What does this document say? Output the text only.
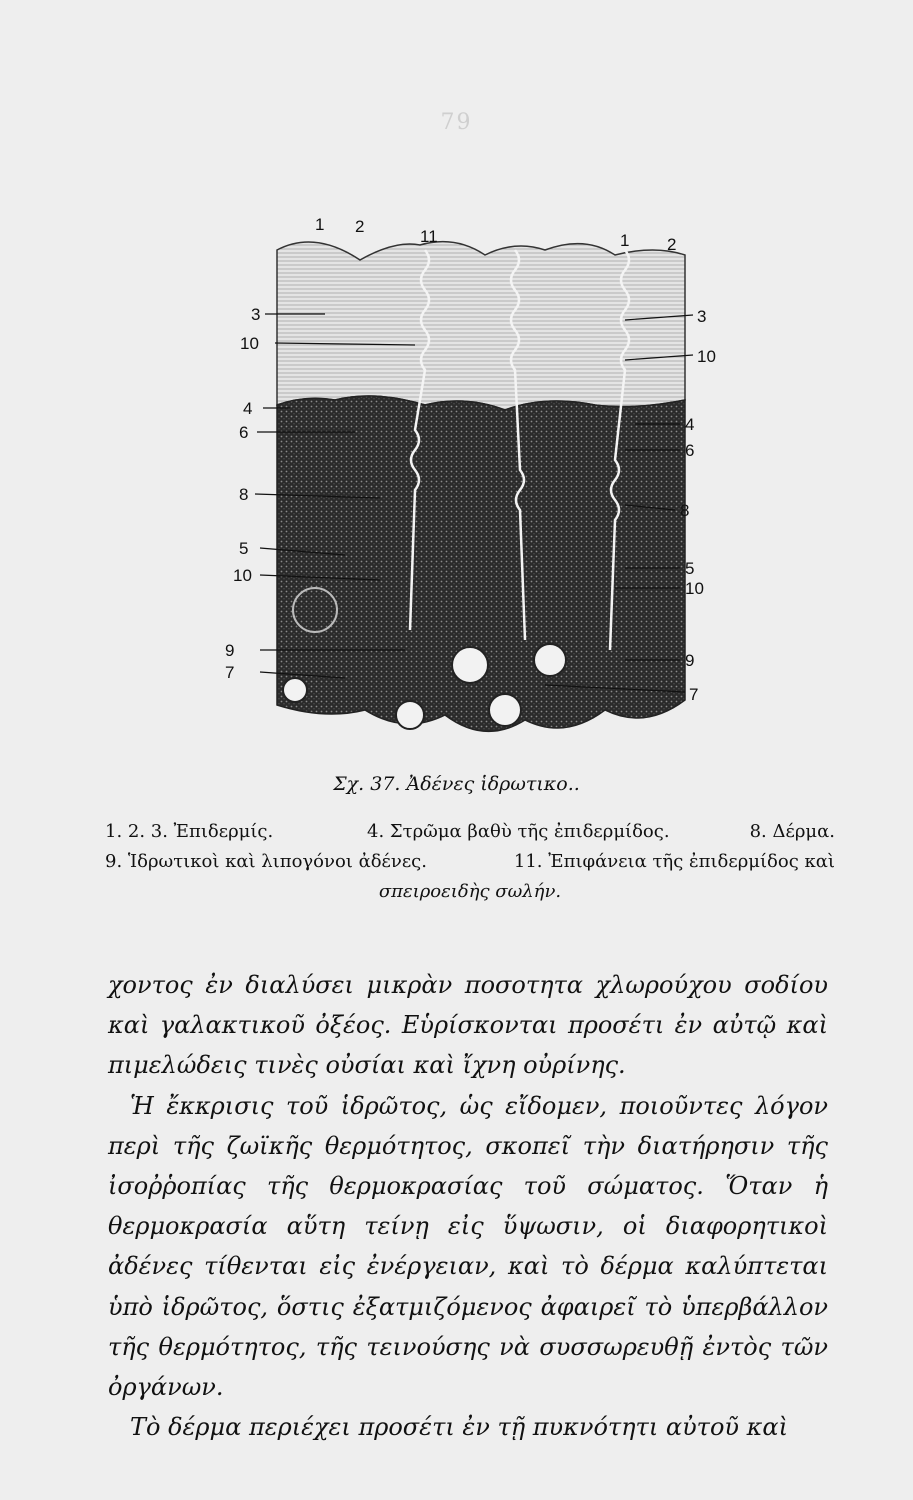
79
3
10
4
6
8
5
10
9
7
1 2
11	1 2
3
10
4
6
8
5
10
9
7
Σχ. 37. Ἀδένες ἱδρωτικο..
1. 2. 3. Ἐπιδερμίς.	4. Στρῶμα βαθὺ τῆς ἐπιδερμίδος.	8. Δέρμα.
9. Ἱδρωτικοὶ καὶ λιπογόνοι ἀδένες.	11. Ἐπιφάνεια τῆς ἐπιδερμίδος καὶ
σπειροειδὴς σωλήν.

χοντος ἐν διαλύσει μικρὰν ποσοτητα χλωρούχου σοδίου καὶ γαλακτικοῦ ὀξέος. Εὑρίσκονται προσέτι ἐν αὐτῷ καὶ πιμελώδεις τινὲς οὐσίαι καὶ ἴχνη οὐρίνης.

Ἡ ἔκκρισις τοῦ ἱδρῶτος, ὡς εἴδομεν, ποιοῦντες λόγον περὶ τῆς ζωϊκῆς θερμότητος, σκοπεῖ τὴν διατήρησιν τῆς ἰσοῤῥοπίας τῆς θερμοκρασίας τοῦ σώματος. Ὅταν ἡ θερμοκρασία αὕτη τείνῃ εἰς ὕψωσιν, οἱ διαφορητικοὶ ἀδένες τίθενται εἰς ἐνέργειαν, καὶ τὸ δέρμα καλύπτεται ὑπὸ ἱδρῶτος, ὅστις ἐξατμιζόμενος ἀφαιρεῖ τὸ ὑπερβάλλον τῆς θερμότητος, τῆς τεινούσης νὰ συσσωρευθῇ ἐντὸς τῶν ὀργάνων.

Τὸ δέρμα περιέχει προσέτι ἐν τῇ πυκνότητι αὐτοῦ καὶ
